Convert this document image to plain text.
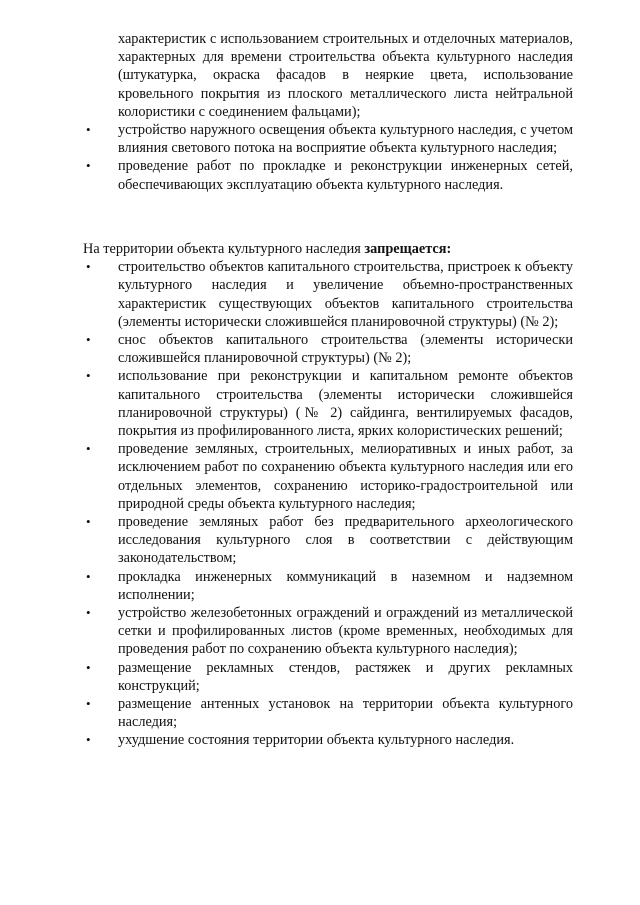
характеристик с использованием строительных и отделочных материалов, характерных для времени строительства объекта культурного наследия (штукатурка, окраска фасадов в неяркие цвета, использование кровельного покрытия из плоского металлического листа нейтральной колористики с соединением фальцами);
• устройство наружного освещения объекта культурного наследия, с учетом влияния светового потока на восприятие объекта культурного наследия;
• проведение работ по прокладке и реконструкции инженерных сетей, обеспечивающих эксплуатацию объекта культурного наследия.
На территории объекта культурного наследия запрещается:
• строительство объектов капитального строительства, пристроек к объекту культурного наследия и увеличение объемно-пространственных характеристик существующих объектов капитального строительства (элементы исторически сложившейся планировочной структуры) (№ 2);
• снос объектов капитального строительства (элементы исторически сложившейся планировочной структуры) (№ 2);
• использование при реконструкции и капитальном ремонте объектов капитального строительства (элементы исторически сложившейся планировочной структуры) (№ 2) сайдинга, вентилируемых фасадов, покрытия из профилированного листа, ярких колористических решений;
• проведение земляных, строительных, мелиоративных и иных работ, за исключением работ по сохранению объекта культурного наследия или его отдельных элементов, сохранению историко-градостроительной или природной среды объекта культурного наследия;
• проведение земляных работ без предварительного археологического исследования культурного слоя в соответствии с действующим законодательством;
• прокладка инженерных коммуникаций в наземном и надземном исполнении;
• устройство железобетонных ограждений и ограждений из металлической сетки и профилированных листов (кроме временных, необходимых для проведения работ по сохранению объекта культурного наследия);
• размещение рекламных стендов, растяжек и других рекламных конструкций;
• размещение антенных установок на территории объекта культурного наследия;
• ухудшение состояния территории объекта культурного наследия.
